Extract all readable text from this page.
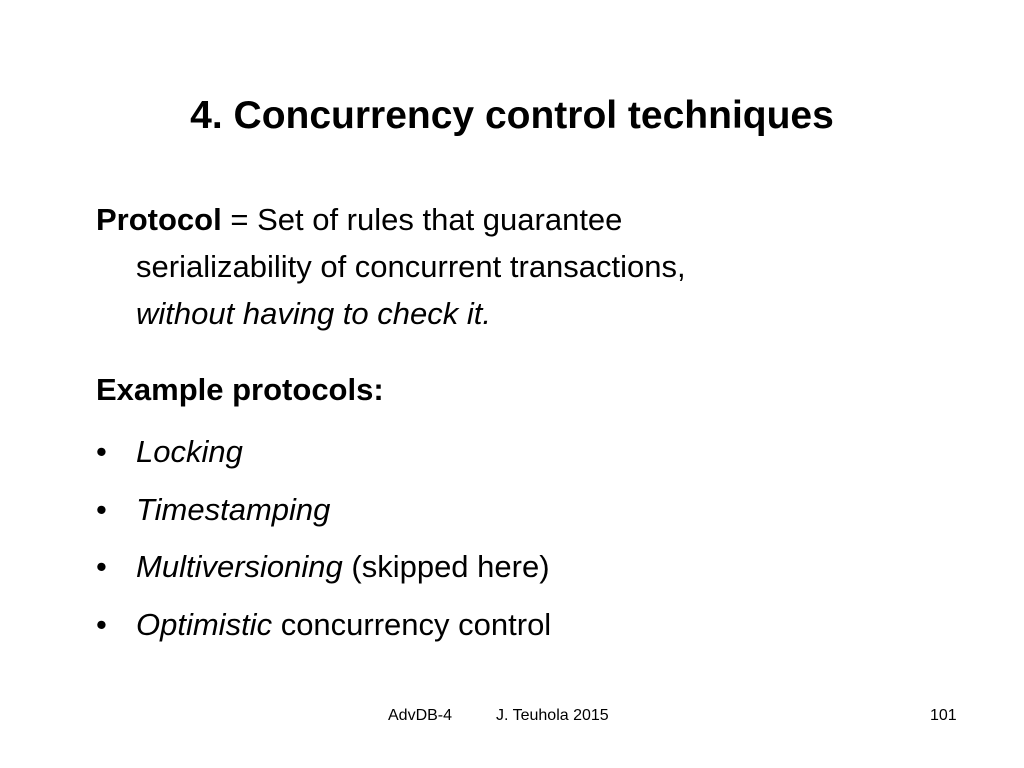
4. Concurrency control techniques

Protocol = Set of rules that guarantee
serializability of concurrent transactions,
without having to check it.

Example protocols:

• Locking
• Timestamping
• Multiversioning (skipped here)
• Optimistic concurrency control
AdvDB-4	J. Teuhola 2015	101
